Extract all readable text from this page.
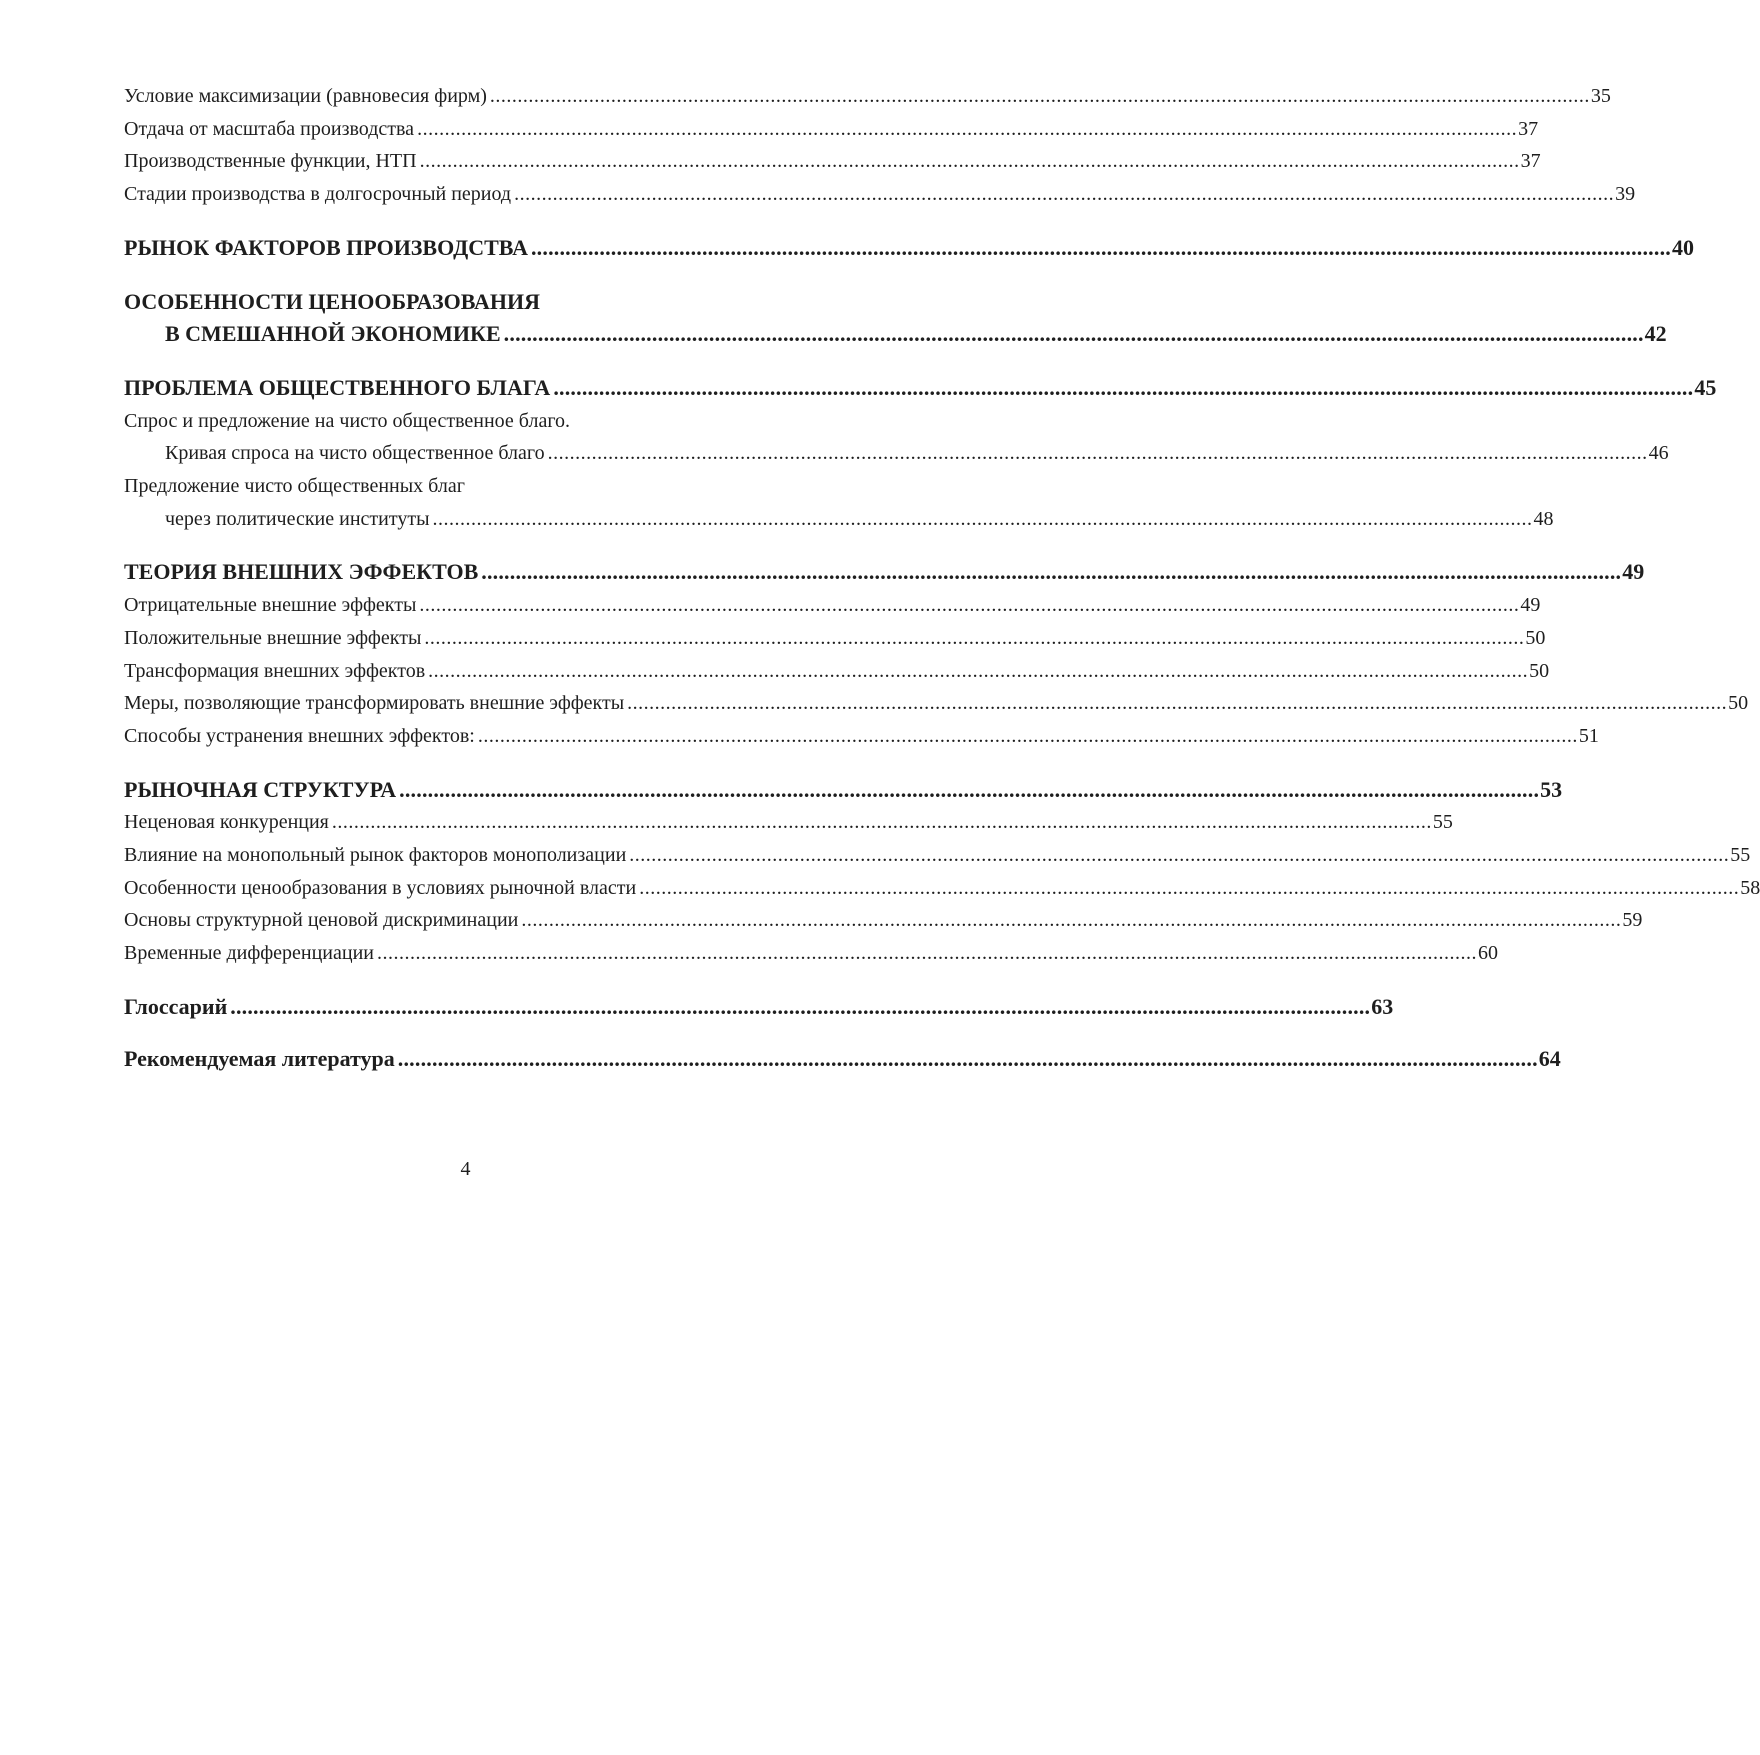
Условие максимизации (равновесия фирм) ........................................................................................................................................................................................................ 35
Отдача от масштаба производства ........................................................................................................................................................................................................ 37
Производственные функции, НТП ........................................................................................................................................................................................................ 37
Стадии производства в долгосрочный период ........................................................................................................................................................................................................ 39
РЫНОК ФАКТОРОВ ПРОИЗВОДСТВА ........................................................................................................................................................................................................ 40
ОСОБЕННОСТИ ЦЕНООБРАЗОВАНИЯ
В СМЕШАННОЙ ЭКОНОМИКЕ ........................................................................................................................................................................................................ 42
ПРОБЛЕМА ОБЩЕСТВЕННОГО БЛАГА ........................................................................................................................................................................................................ 45
Спрос и предложение на чисто общественное благо.
Кривая спроса на чисто общественное благо ........................................................................................................................................................................................................ 46
Предложение чисто общественных благ
через политические институты ........................................................................................................................................................................................................ 48
ТЕОРИЯ ВНЕШНИХ ЭФФЕКТОВ ........................................................................................................................................................................................................ 49
Отрицательные внешние эффекты ........................................................................................................................................................................................................ 49
Положительные внешние эффекты ........................................................................................................................................................................................................ 50
Трансформация внешних эффектов ........................................................................................................................................................................................................ 50
Меры, позволяющие трансформировать внешние эффекты ........................................................................................................................................................................................................ 50
Способы устранения внешних эффектов: ........................................................................................................................................................................................................ 51
РЫНОЧНАЯ СТРУКТУРА ........................................................................................................................................................................................................ 53
Неценовая конкуренция ........................................................................................................................................................................................................ 55
Влияние на монопольный рынок факторов монополизации ........................................................................................................................................................................................................ 55
Особенности ценообразования в условиях рыночной власти ........................................................................................................................................................................................................ 58
Основы структурной ценовой дискриминации ........................................................................................................................................................................................................ 59
Временные дифференциации ........................................................................................................................................................................................................ 60
Глоссарий ........................................................................................................................................................................................................ 63
Рекомендуемая литература ........................................................................................................................................................................................................ 64
4
